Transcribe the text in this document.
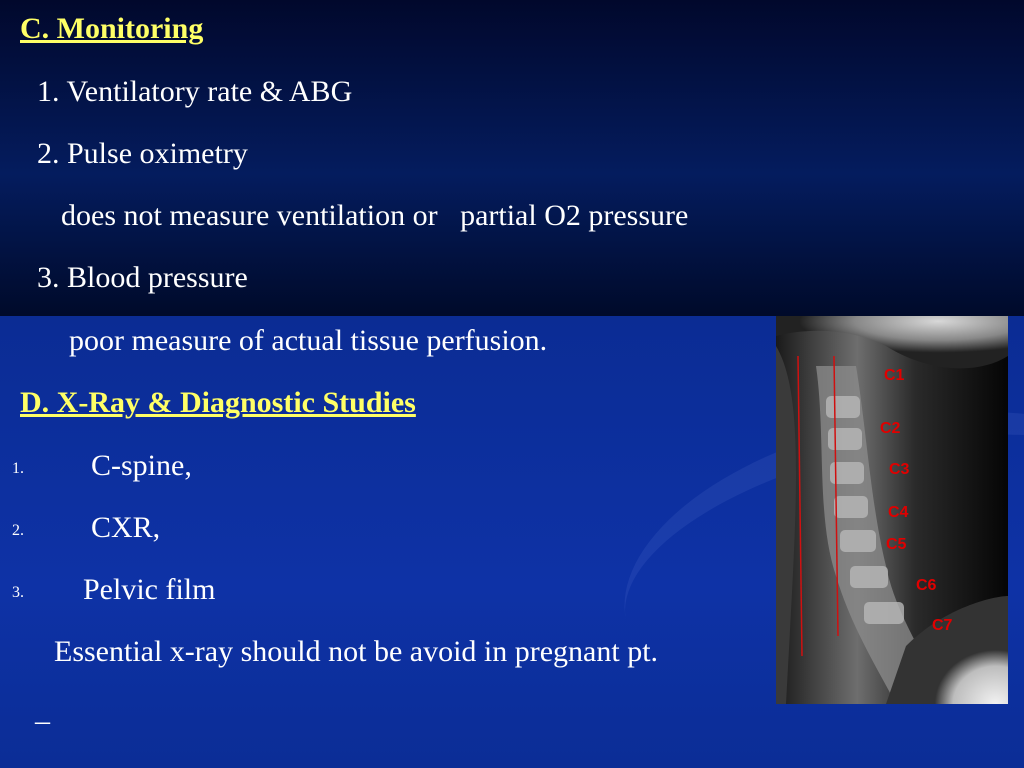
C. Monitoring
1. Ventilatory rate & ABG
2. Pulse oximetry
does not measure ventilation or   partial O2 pressure
3. Blood pressure
poor measure of actual tissue perfusion.
D. X-Ray & Diagnostic Studies
1. C-spine,
2. CXR,
3. Pelvic film
Essential x-ray should not be avoid in pregnant pt.
–
C1
C2
C3
C4
C5
C6
C7
